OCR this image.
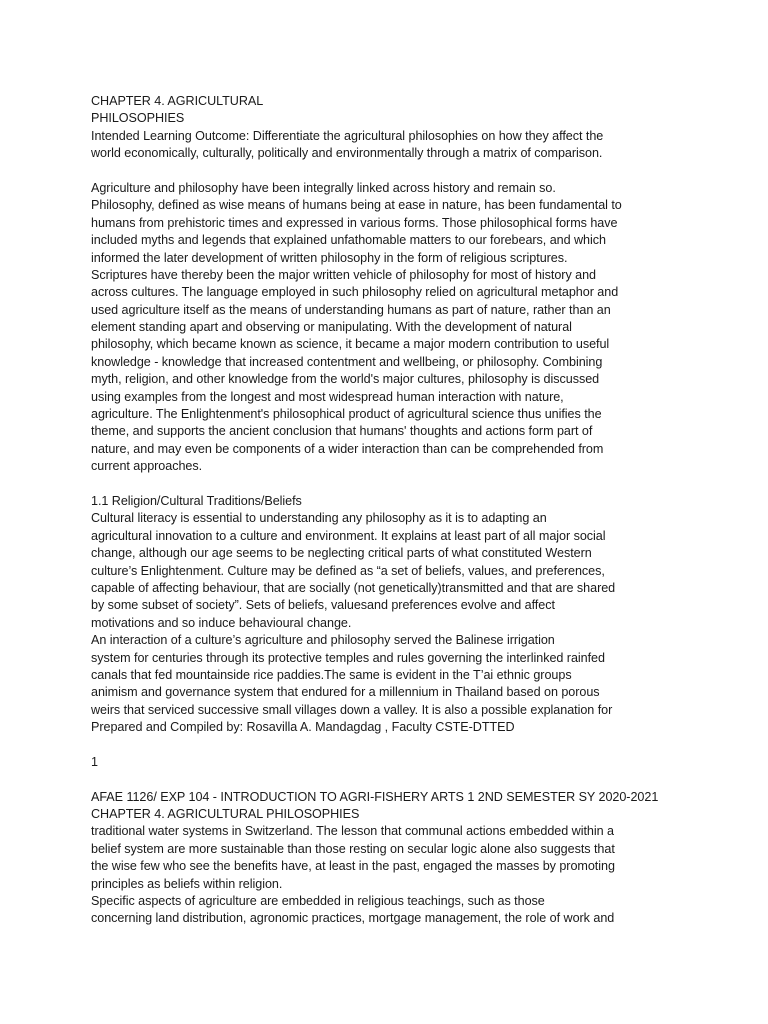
CHAPTER 4. AGRICULTURAL
PHILOSOPHIES
Intended Learning Outcome: Differentiate the agricultural philosophies on how they affect the
world economically, culturally, politically and environmentally through a matrix of comparison.
Agriculture and philosophy have been integrally linked across history and remain so.
Philosophy, defined as wise means of humans being at ease in nature, has been fundamental to
humans from prehistoric times and expressed in various forms. Those philosophical forms have
included myths and legends that explained unfathomable matters to our forebears, and which
informed the later development of written philosophy in the form of religious scriptures.
Scriptures have thereby been the major written vehicle of philosophy for most of history and
across cultures. The language employed in such philosophy relied on agricultural metaphor and
used agriculture itself as the means of understanding humans as part of nature, rather than an
element standing apart and observing or manipulating. With the development of natural
philosophy, which became known as science, it became a major modern contribution to useful
knowledge - knowledge that increased contentment and wellbeing, or philosophy. Combining
myth, religion, and other knowledge from the world's major cultures, philosophy is discussed
using examples from the longest and most widespread human interaction with nature,
agriculture. The Enlightenment's philosophical product of agricultural science thus unifies the
theme, and supports the ancient conclusion that humans' thoughts and actions form part of
nature, and may even be components of a wider interaction than can be comprehended from
current approaches.
1.1 Religion/Cultural Traditions/Beliefs
Cultural literacy is essential to understanding any philosophy as it is to adapting an
agricultural innovation to a culture and environment. It explains at least part of all major social
change, although our age seems to be neglecting critical parts of what constituted Western
culture’s Enlightenment. Culture may be defined as “a set of beliefs, values, and preferences,
capable of affecting behaviour, that are socially (not genetically)transmitted and that are shared
by some subset of society”. Sets of beliefs, valuesand preferences evolve and affect
motivations and so induce behavioural change.
An interaction of a culture’s agriculture and philosophy served the Balinese irrigation
system for centuries through its protective temples and rules governing the interlinked rainfed
canals that fed mountainside rice paddies.The same is evident in the T’ai ethnic groups
animism and governance system that endured for a millennium in Thailand based on porous
weirs that serviced successive small villages down a valley. It is also a possible explanation for
Prepared and Compiled by: Rosavilla A. Mandagdag , Faculty CSTE-DTTED
1
AFAE 1126/ EXP 104 - INTRODUCTION TO AGRI-FISHERY ARTS 1 2ND SEMESTER SY 2020-2021
CHAPTER 4. AGRICULTURAL PHILOSOPHIES
traditional water systems in Switzerland. The lesson that communal actions embedded within a
belief system are more sustainable than those resting on secular logic alone also suggests that
the wise few who see the benefits have, at least in the past, engaged the masses by promoting
principles as beliefs within religion.
Specific aspects of agriculture are embedded in religious teachings, such as those
concerning land distribution, agronomic practices, mortgage management, the role of work and
